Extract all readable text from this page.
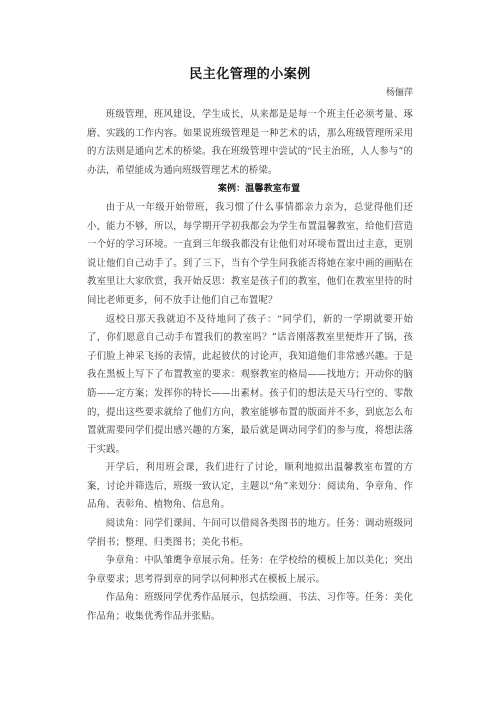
民主化管理的小案例
杨俪萍

班级管理，班风建设，学生成长，从来都是是每一个班主任必须考量、琢磨、实践的工作内容。如果说班级管理是一种艺术的话，那么班级管理所采用的方法则是通向艺术的桥梁。我在班级管理中尝试的“民主治班，人人参与”的办法，希望能成为通向班级管理艺术的桥梁。

案例：温馨教室布置

由于从一年级开始带班，我习惯了什么事情都亲力亲为，总觉得他们还小，能力不够，所以，每学期开学初我都会为学生布置温馨教室，给他们营造一个好的学习环境。一直到三年级我都没有让他们对环境布置出过主意，更别说让他们自己动手了。到了三下，当有个学生问我能否将她在家中画的画贴在教室里让大家欣赏，我开始反思：教室是孩子们的教室，他们在教室里待的时间比老师更多，何不放手让他们自己布置呢？

返校日那天我就迫不及待地问了孩子：“同学们，新的一学期就要开始了，你们愿意自己动手布置我们的教室吗？”话音刚落教室里便炸开了锅，孩子们脸上神采飞扬的表情，此起彼伏的讨论声，我知道他们非常感兴趣。于是我在黑板上写下了布置教室的要求：观察教室的格局——找地方；开动你的脑筋——定方案；发挥你的特长——出素材。孩子们的想法是天马行空的、零散的，提出这些要求就给了他们方向，教室能够布置的版面并不多，到底怎么布置就需要同学们提出感兴趣的方案，最后就是调动同学们的参与度，将想法落于实践。

开学后，利用班会课，我们进行了讨论，顺利地拟出温馨教室布置的方案，讨论并筛选后，班级一致认定，主题以“角”来划分：阅读角、争章角、作品角、表彰角、植物角、信息角。

阅读角：同学们课间、午间可以借阅各类图书的地方。任务：调动班级同学捐书；整理、归类图书；美化书柜。

争章角：中队雏鹰争章展示角。任务：在学校给的模板上加以美化；突出争章要求；思考得到章的同学以何种形式在模板上展示。

作品角：班级同学优秀作品展示，包括绘画、书法、习作等。任务：美化作品角；收集优秀作品并张贴。
